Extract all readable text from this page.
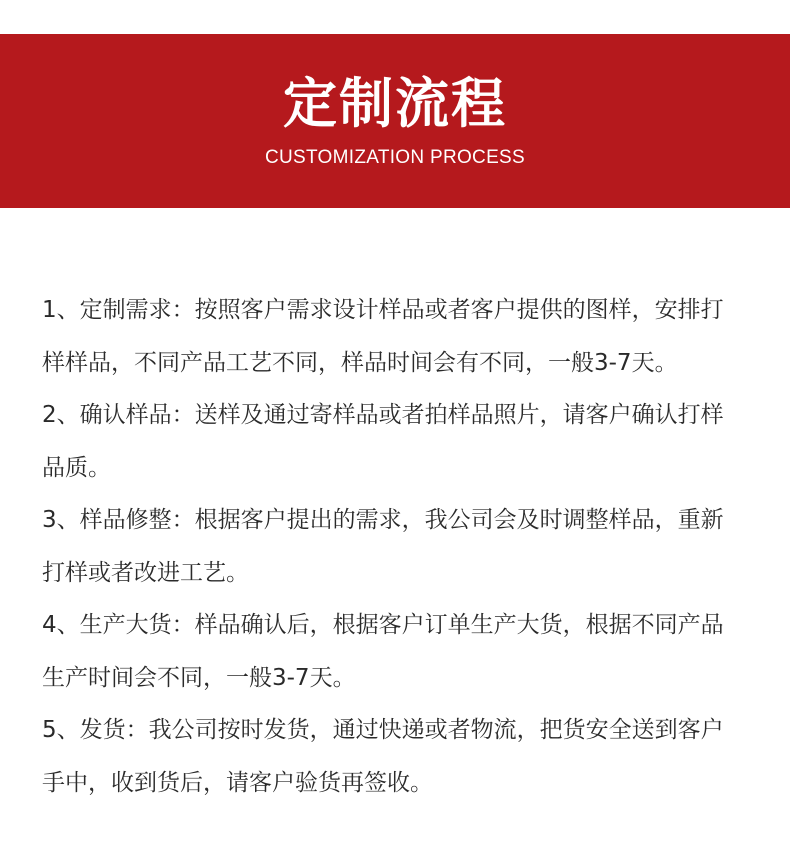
定制流程
CUSTOMIZATION PROCESS

1、定制需求：按照客户需求设计样品或者客户提供的图样，安排打样样品，不同产品工艺不同，样品时间会有不同，一般3-7天。

2、确认样品：送样及通过寄样品或者拍样品照片，请客户确认打样品质。

3、样品修整：根据客户提出的需求，我公司会及时调整样品，重新打样或者改进工艺。

4、生产大货：样品确认后，根据客户订单生产大货，根据不同产品生产时间会不同，一般3-7天。

5、发货：我公司按时发货，通过快递或者物流，把货安全送到客户手中，收到货后，请客户验货再签收。
